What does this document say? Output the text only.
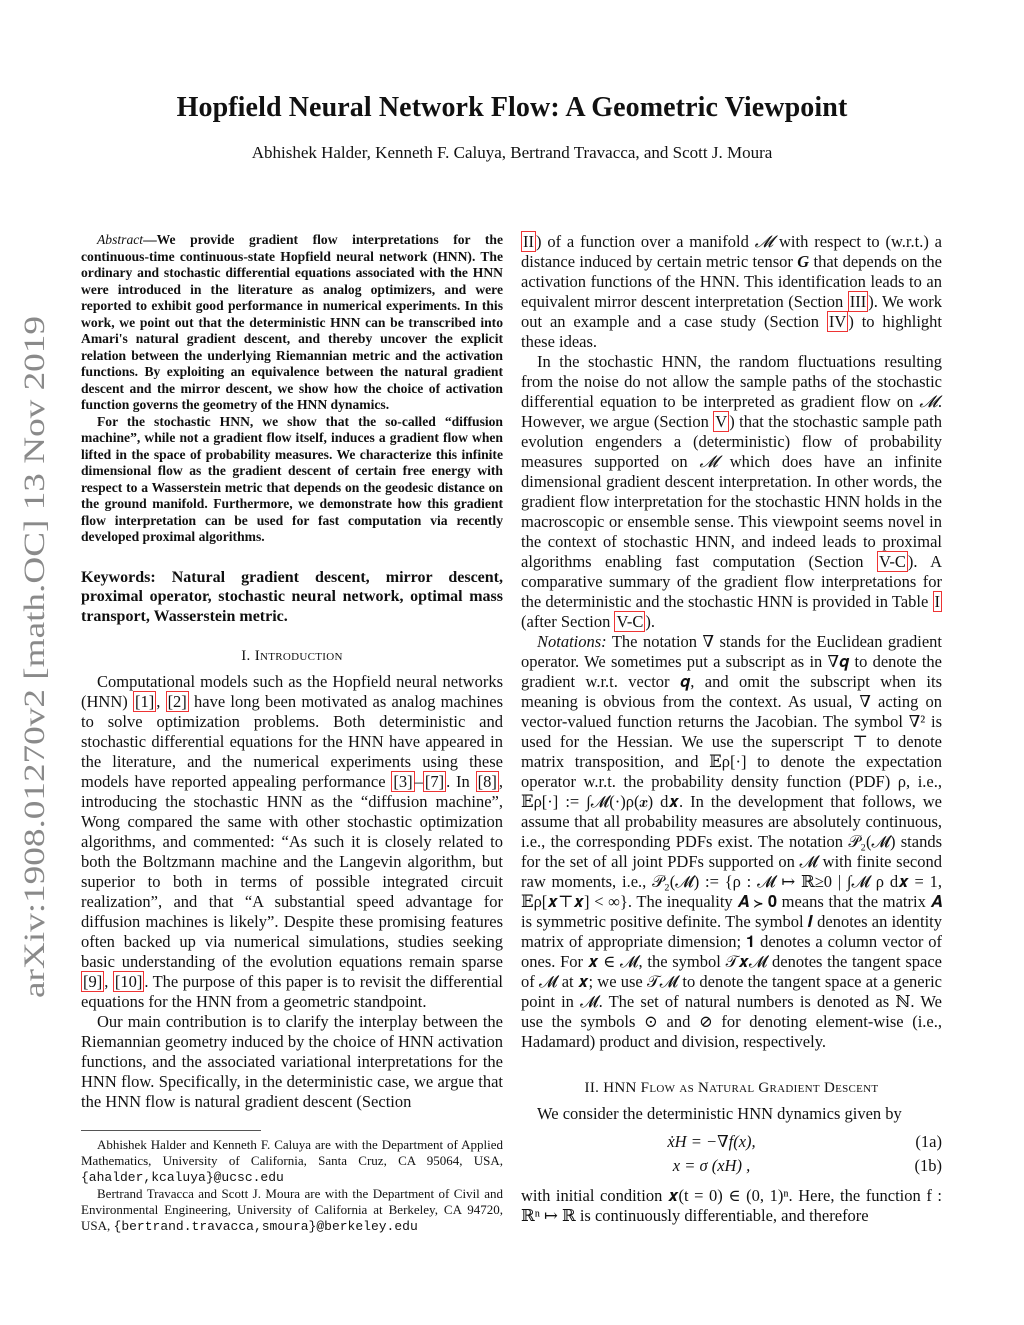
arXiv:1908.01270v2 [math.OC] 13 Nov 2019
Hopfield Neural Network Flow: A Geometric Viewpoint
Abhishek Halder, Kenneth F. Caluya, Bertrand Travacca, and Scott J. Moura

Abstract—We provide gradient flow interpretations for the continuous-time continuous-state Hopfield neural network (HNN). The ordinary and stochastic differential equations associated with the HNN were introduced in the literature as analog optimizers, and were reported to exhibit good performance in numerical experiments. In this work, we point out that the deterministic HNN can be transcribed into Amari's natural gradient descent, and thereby uncover the explicit relation between the underlying Riemannian metric and the activation functions. By exploiting an equivalence between the natural gradient descent and the mirror descent, we show how the choice of activation function governs the geometry of the HNN dynamics.

For the stochastic HNN, we show that the so-called “diffusion machine”, while not a gradient flow itself, induces a gradient flow when lifted in the space of probability measures. We characterize this infinite dimensional flow as the gradient descent of certain free energy with respect to a Wasserstein metric that depends on the geodesic distance on the ground manifold. Furthermore, we demonstrate how this gradient flow interpretation can be used for fast computation via recently developed proximal algorithms.

Keywords: Natural gradient descent, mirror descent, proximal operator, stochastic neural network, optimal mass transport, Wasserstein metric.

I. Introduction

Computational models such as the Hopfield neural networks (HNN) [1] , [2] have long been motivated as analog machines to solve optimization problems. Both deterministic and stochastic differential equations for the HNN have appeared in the literature, and the numerical experiments using these models have reported appealing performance [3] – [7] . In [8] , introducing the stochastic HNN as the “diffusion machine”, Wong compared the same with other stochastic optimization algorithms, and commented: “As such it is closely related to both the Boltzmann machine and the Langevin algorithm, but superior to both in terms of possible integrated circuit realization”, and that “A substantial speed advantage for diffusion machines is likely”. Despite these promising features often backed up via numerical simulations, studies seeking basic understanding of the evolution equations remain sparse [9] , [10] . The purpose of this paper is to revisit the differential equations for the HNN from a geometric standpoint.

Our main contribution is to clarify the interplay between the Riemannian geometry induced by the choice of HNN activation functions, and the associated variational interpretations for the HNN flow. Specifically, in the deterministic case, we argue that the HNN flow is natural gradient descent (Section

Abhishek Halder and Kenneth F. Caluya are with the Department of Applied Mathematics, University of California, Santa Cruz, CA 95064, USA, {ahalder,kcaluya}@ucsc.edu

Bertrand Travacca and Scott J. Moura are with the Department of Civil and Environmental Engineering, University of California at Berkeley, CA 94720, USA, {bertrand.travacca,smoura}@berkeley.edu

II ) of a function over a manifold 𝓜 with respect to (w.r.t.) a distance induced by certain metric tensor G that depends on the activation functions of the HNN. This identification leads to an equivalent mirror descent interpretation (Section III ). We work out an example and a case study (Section IV ) to highlight these ideas.

In the stochastic HNN, the random fluctuations resulting from the noise do not allow the sample paths of the stochastic differential equation to be interpreted as gradient flow on 𝓜. However, we argue (Section V ) that the stochastic sample path evolution engenders a (deterministic) flow of probability measures supported on 𝓜 which does have an infinite dimensional gradient descent interpretation. In other words, the gradient flow interpretation for the stochastic HNN holds in the macroscopic or ensemble sense. This viewpoint seems novel in the context of stochastic HNN, and indeed leads to proximal algorithms enabling fast computation (Section V-C ). A comparative summary of the gradient flow interpretations for the deterministic and the stochastic HNN is provided in Table I (after Section V-C ).

Notations: The notation ∇ stands for the Euclidean gradient operator. We sometimes put a subscript as in ∇𝒒 to denote the gradient w.r.t. vector 𝒒, and omit the subscript when its meaning is obvious from the context. As usual, ∇ acting on vector-valued function returns the Jacobian. The symbol ∇² is used for the Hessian. We use the superscript ⊤ to denote matrix transposition, and 𝔼ρ[·] to denote the expectation operator w.r.t. the probability density function (PDF) ρ, i.e., 𝔼ρ[·] := ∫𝓜(·)ρ(𝒙) d𝒙. In the development that follows, we assume that all probability measures are absolutely continuous, i.e., the corresponding PDFs exist. The notation 𝒫₂(𝓜) stands for the set of all joint PDFs supported on 𝓜 with finite second raw moments, i.e., 𝒫₂(𝓜) := {ρ : 𝓜 ↦ ℝ≥0 | ∫𝓜 ρ d𝒙 = 1, 𝔼ρ[𝒙⊤𝒙] < ∞}. The inequality 𝑨 ≻ 𝟎 means that the matrix 𝑨 is symmetric positive definite. The symbol 𝑰 denotes an identity matrix of appropriate dimension; 𝟏 denotes a column vector of ones. For 𝒙 ∈ 𝓜, the symbol 𝒯𝒙𝓜 denotes the tangent space of 𝓜 at 𝒙; we use 𝒯𝓜 to denote the tangent space at a generic point in 𝓜. The set of natural numbers is denoted as ℕ. We use the symbols ⊙ and ⊘ for denoting element-wise (i.e., Hadamard) product and division, respectively.

II. HNN Flow as Natural Gradient Descent

We consider the deterministic HNN dynamics given by

ẋH = −∇f(x),	(1a)
x = σ (xH) ,	(1b)

with initial condition 𝒙(t = 0) ∈ (0, 1)ⁿ. Here, the function f : ℝⁿ ↦ ℝ is continuously differentiable, and therefore
